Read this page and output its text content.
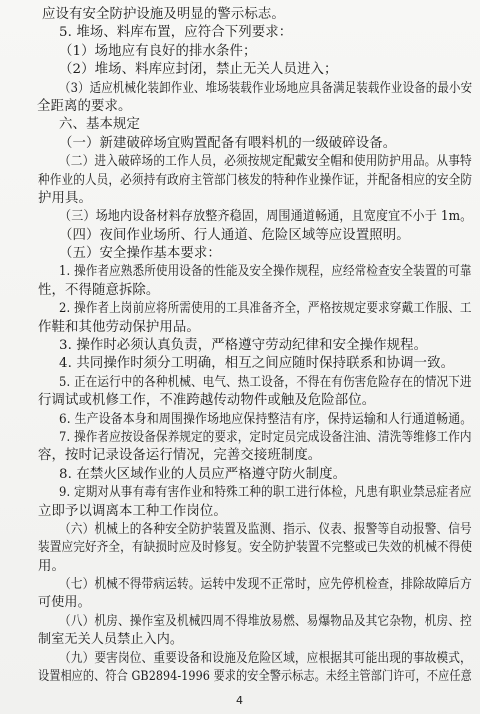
应设有安全防护设施及明显的警示标志。
5. 堆场、料库布置，应符合下列要求：
（1）场地应有良好的排水条件；
（2）堆场、料库应封闭，禁止无关人员进入；
（3）适应机械化装卸作业、堆场装载作业场地应具备满足装载作业设备的最小安
全距离的要求。
六、基本规定
（一）新建破碎场宜购置配备有喂料机的一级破碎设备。
（二）进入破碎场的工作人员，必须按规定配戴安全帽和使用防护用品。从事特
种作业的人员，必须持有政府主管部门核发的特种作业操作证，并配备相应的安全防
护用具。
（三）场地内设备材料存放整齐稳固，周围通道畅通，且宽度宜不小于 1m。
（四）夜间作业场所、行人通道、危险区域等应设置照明。
（五）安全操作基本要求：
1. 操作者应熟悉所使用设备的性能及安全操作规程，应经常检查安全装置的可靠
性，不得随意拆除。
2. 操作者上岗前应将所需使用的工具准备齐全，严格按规定要求穿戴工作服、工
作鞋和其他劳动保护用品。
3. 操作时必须认真负责，严格遵守劳动纪律和安全操作规程。
4. 共同操作时须分工明确，相互之间应随时保持联系和协调一致。
5. 正在运行中的各种机械、电气、热工设备，不得在有伤害危险存在的情况下进
行调试或机修工作，不准跨越传动物件或触及危险部位。
6. 生产设备本身和周围操作场地应保持整洁有序，保持运输和人行通道畅通。
7. 操作者应按设备保养规定的要求，定时定员完成设备注油、清洗等维修工作内
容，按时记录设备运行情况，完善交接班制度。
8. 在禁火区域作业的人员应严格遵守防火制度。
9. 定期对从事有毒有害作业和特殊工种的职工进行体检，凡患有职业禁忌症者应
立即予以调离本工种工作岗位。
（六）机械上的各种安全防护装置及监测、指示、仪表、报警等自动报警、信号
装置应完好齐全，有缺损时应及时修复。安全防护装置不完整或已失效的机械不得使
用。
（七）机械不得带病运转。运转中发现不正常时，应先停机检查，排除故障后方
可使用。
（八）机房、操作室及机械四周不得堆放易燃、易爆物品及其它杂物，机房、控
制室无关人员禁止入内。
（九）要害岗位、重要设备和设施及危险区域，应根据其可能出现的事故模式，
设置相应的、符合 GB2894-1996 要求的安全警示标志。未经主管部门许可，不应任意
4
